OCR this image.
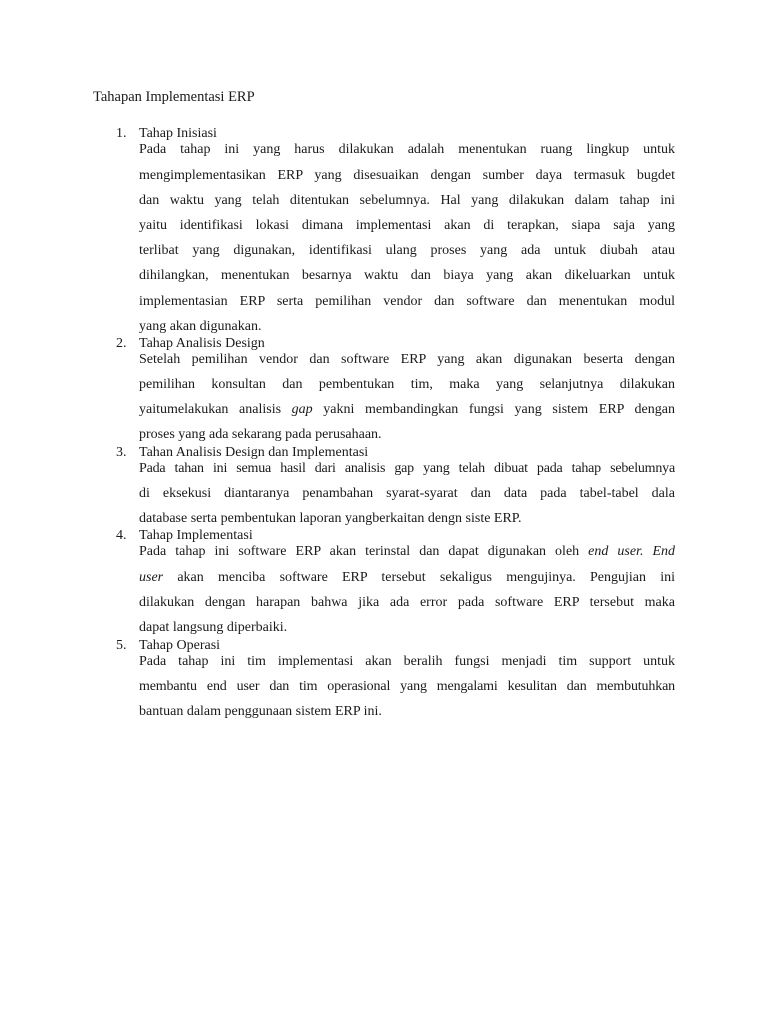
Tahapan Implementasi ERP
1. Tahap Inisiasi
Pada tahap ini yang harus dilakukan adalah menentukan ruang lingkup untuk
mengimplementasikan ERP yang disesuaikan dengan sumber daya termasuk bugdet
dan waktu yang telah ditentukan sebelumnya. Hal yang dilakukan dalam tahap ini
yaitu identifikasi lokasi dimana implementasi akan di terapkan, siapa saja yang
terlibat yang digunakan, identifikasi ulang proses yang ada untuk diubah atau
dihilangkan, menentukan besarnya waktu dan biaya yang akan dikeluarkan untuk
implementasian ERP serta pemilihan vendor dan software dan menentukan modul
yang akan digunakan.
2. Tahap Analisis Design
Setelah pemilihan vendor dan software ERP yang akan digunakan beserta dengan
pemilihan konsultan dan pembentukan tim, maka yang selanjutnya dilakukan
yaitumelakukan analisis gap yakni membandingkan fungsi yang sistem ERP dengan
proses yang ada sekarang pada perusahaan.
3. Tahan Analisis Design dan Implementasi
Pada tahan ini semua hasil dari analisis gap yang telah dibuat pada tahap sebelumnya
di eksekusi diantaranya penambahan syarat-syarat dan data pada tabel-tabel dala
database serta pembentukan laporan yangberkaitan dengn siste ERP.
4. Tahap Implementasi
Pada tahap ini software ERP akan terinstal dan dapat digunakan oleh end user. End
user akan menciba software ERP tersebut sekaligus mengujinya. Pengujian ini
dilakukan dengan harapan bahwa jika ada error pada software ERP tersebut maka
dapat langsung diperbaiki.
5. Tahap Operasi
Pada tahap ini tim implementasi akan beralih fungsi menjadi tim support untuk
membantu end user dan tim operasional yang mengalami kesulitan dan membutuhkan
bantuan dalam penggunaan sistem ERP ini.
